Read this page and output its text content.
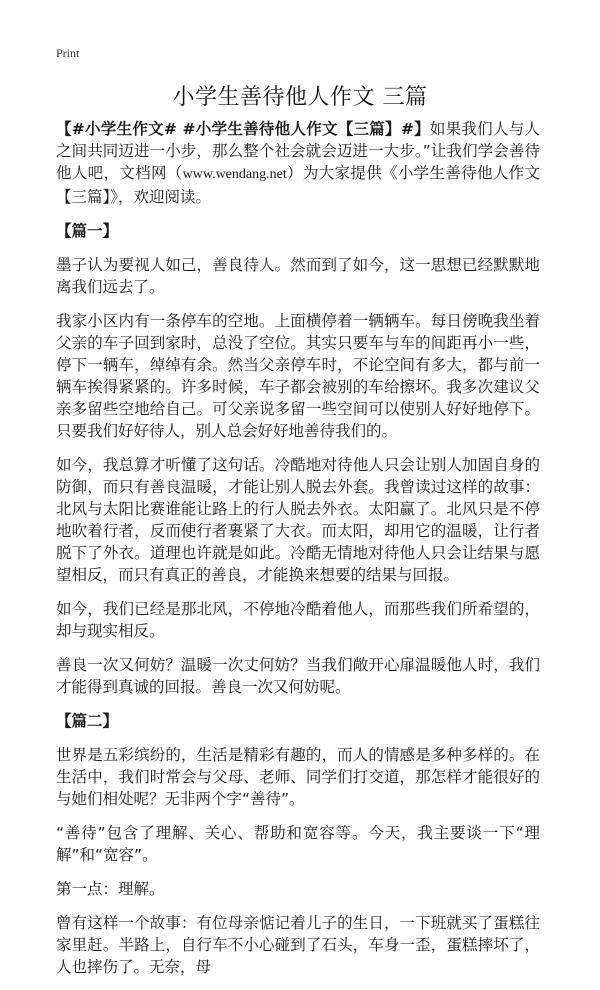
Print
小学生善待他人作文 三篇

【#小学生作文# #小学生善待他人作文【三篇】#】如果我们人与人之间共同迈进一小步，那么整个社会就会迈进一大步。”让我们学会善待他人吧，文档网（www.wendang.net）为大家提供《小学生善待他人作文【三篇】》，欢迎阅读。

【篇一】

墨子认为要视人如己，善良待人。然而到了如今，这一思想已经默默地离我们远去了。

我家小区内有一条停车的空地。上面横停着一辆辆车。每日傍晚我坐着父亲的车子回到家时，总没了空位。其实只要车与车的间距再小一些，停下一辆车，绰绰有余。然当父亲停车时，不论空间有多大，都与前一辆车挨得紧紧的。许多时候，车子都会被别的车给擦坏。我多次建议父亲多留些空地给自己。可父亲说多留一些空间可以使别人好好地停下。只要我们好好待人，别人总会好好地善待我们的。

如今，我总算才听懂了这句话。冷酷地对待他人只会让别人加固自身的防御，而只有善良温暖，才能让别人脱去外套。我曾读过这样的故事：北风与太阳比赛谁能让路上的行人脱去外衣。太阳赢了。北风只是不停地吹着行者，反而使行者裹紧了大衣。而太阳，却用它的温暖，让行者脱下了外衣。道理也许就是如此。冷酷无情地对待他人只会让结果与愿望相反，而只有真正的善良，才能换来想要的结果与回报。

如今，我们已经是那北风，不停地冷酷着他人，而那些我们所希望的，却与现实相反。

善良一次又何妨？温暖一次丈何妨？当我们敞开心扉温暖他人时，我们才能得到真诚的回报。善良一次又何妨呢。

【篇二】

世界是五彩缤纷的，生活是精彩有趣的，而人的情感是多种多样的。在生活中，我们时常会与父母、老师、同学们打交道，那怎样才能很好的与她们相处呢？无非两个字“善待”。

“善待”包含了理解、关心、帮助和宽容等。今天，我主要谈一下“理解”和“宽容”。

第一点：理解。

曾有这样一个故事：有位母亲惦记着儿子的生日，一下班就买了蛋糕往家里赶。半路上，自行车不小心碰到了石头，车身一歪，蛋糕摔坏了，人也摔伤了。无奈，母
